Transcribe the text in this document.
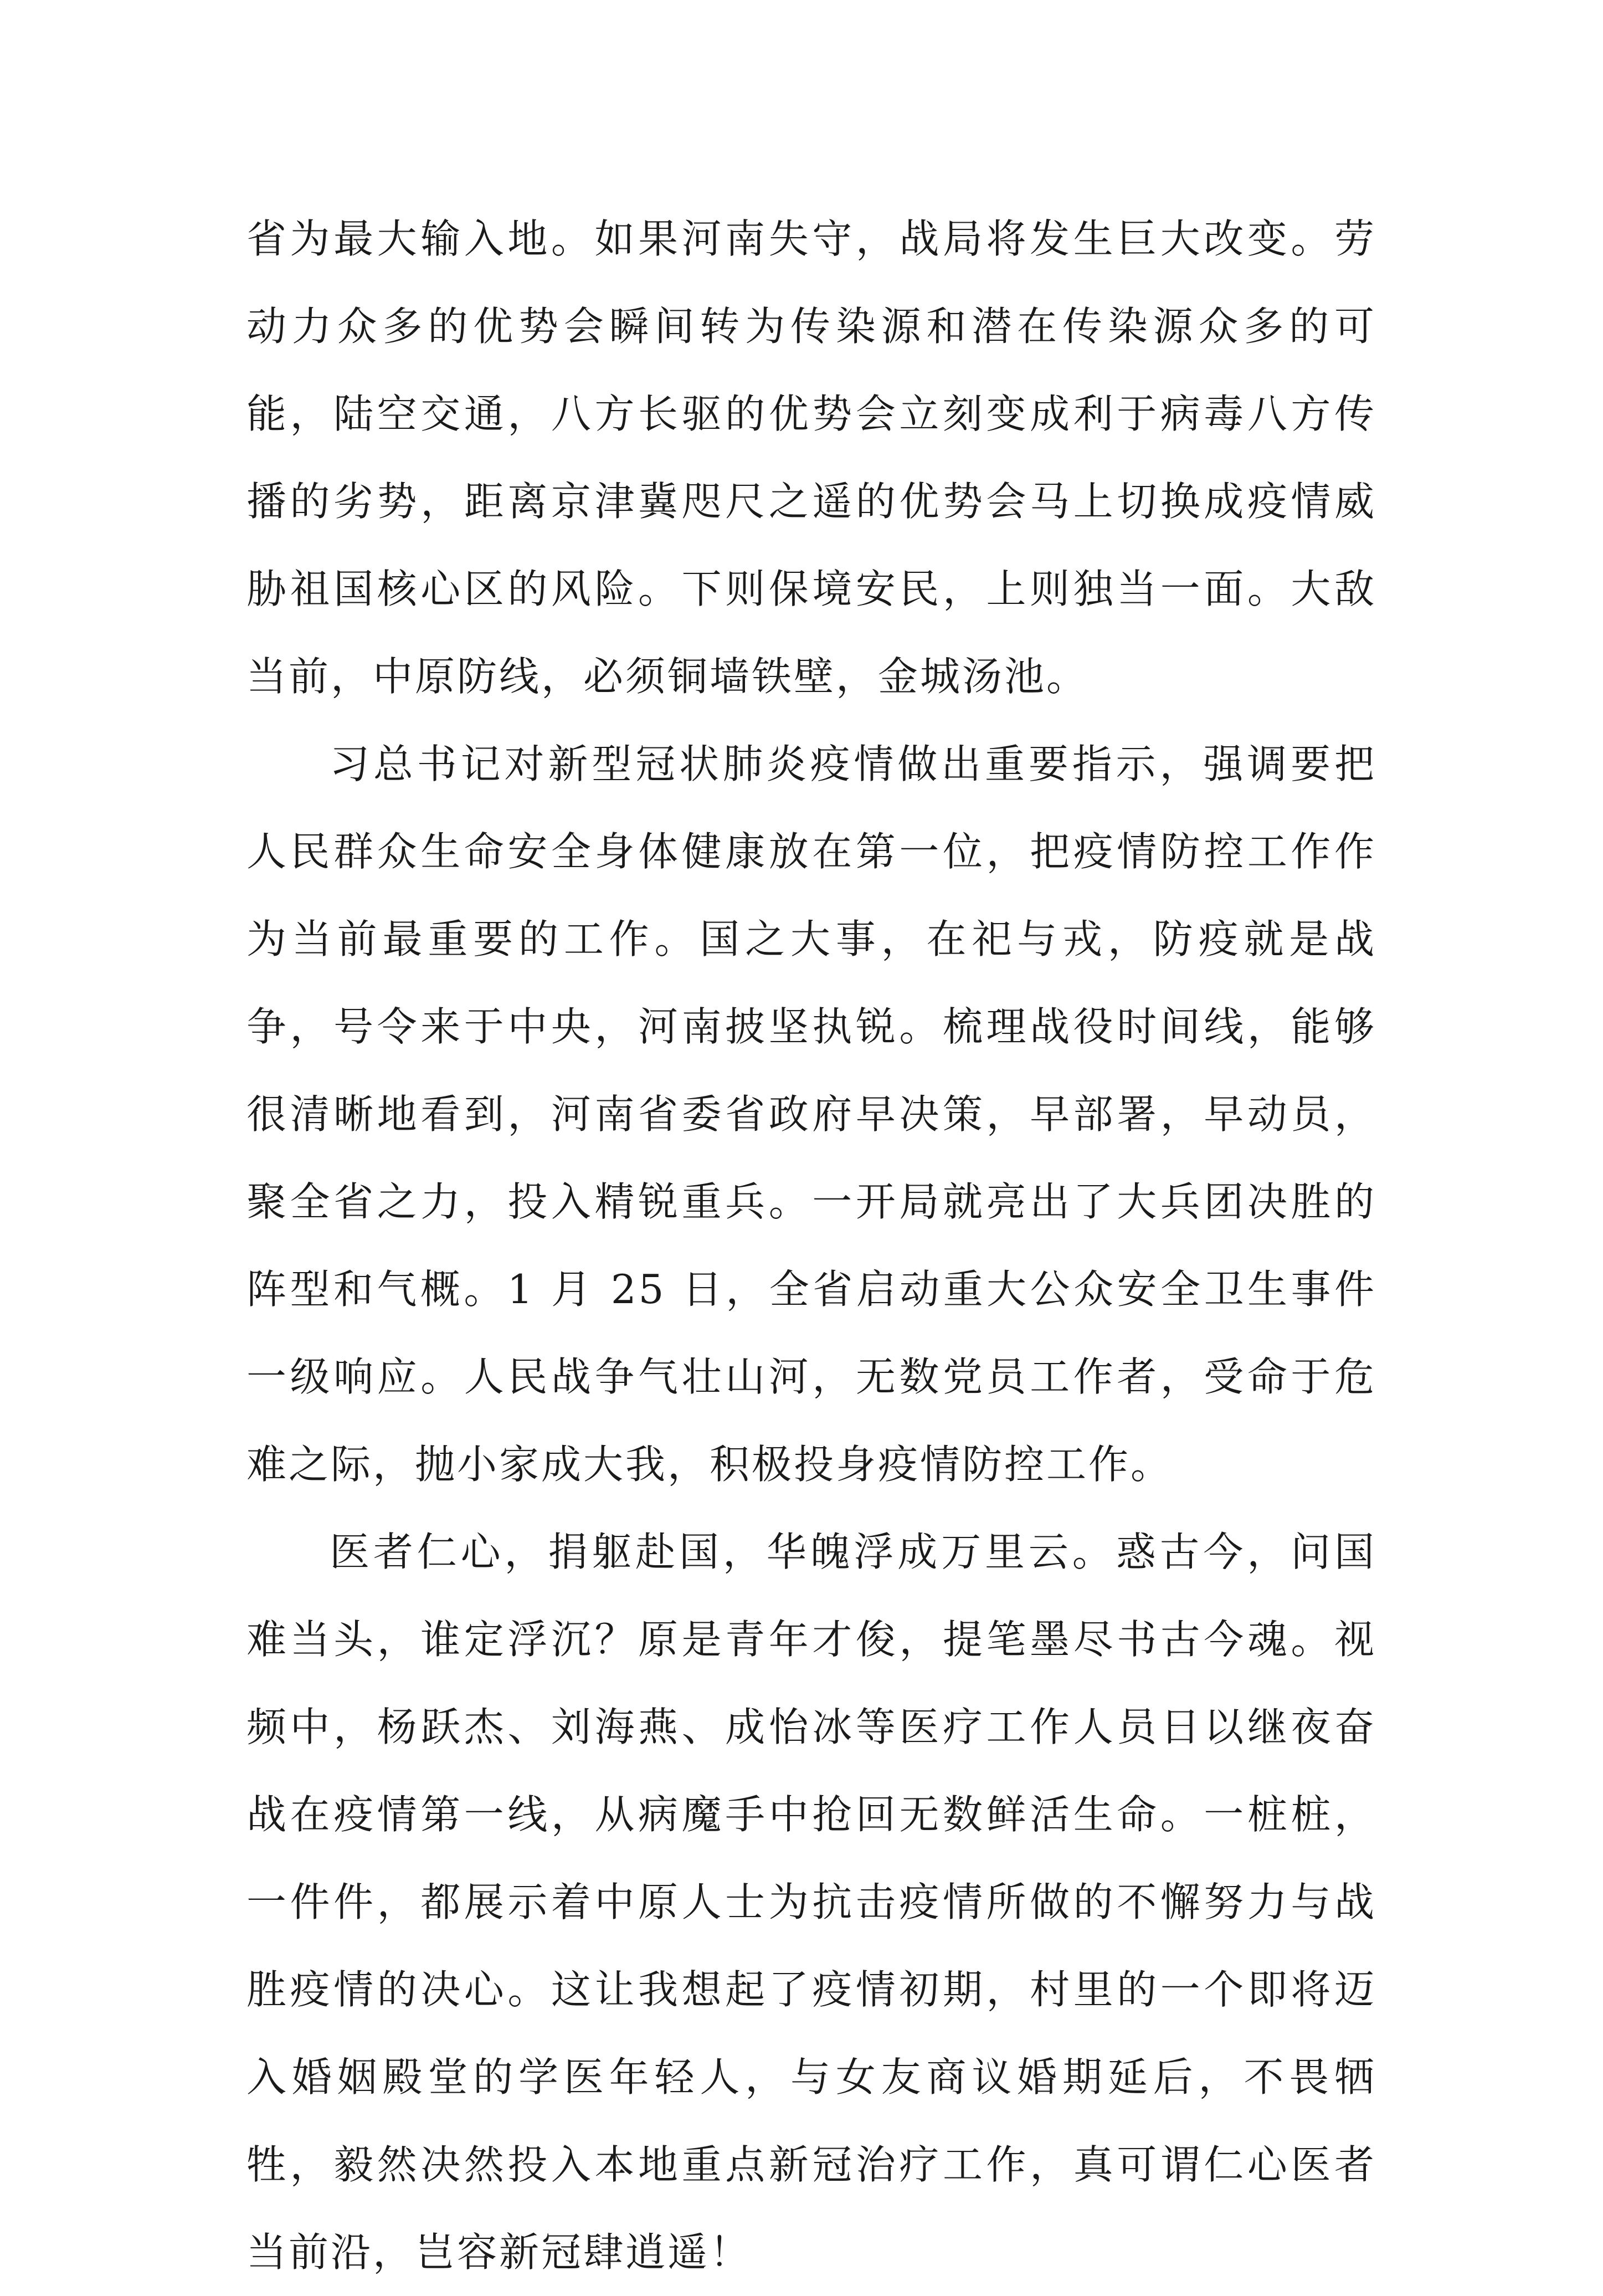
省为最大输入地。如果河南失守，战局将发生巨大改变。劳动力众多的优势会瞬间转为传染源和潜在传染源众多的可能，陆空交通，八方长驱的优势会立刻变成利于病毒八方传播的劣势，距离京津冀咫尺之遥的优势会马上切换成疫情威胁祖国核心区的风险。下则保境安民，上则独当一面。大敌当前，中原防线，必须铜墙铁壁，金城汤池。

习总书记对新型冠状肺炎疫情做出重要指示，强调要把人民群众生命安全身体健康放在第一位，把疫情防控工作作为当前最重要的工作。国之大事，在祀与戎，防疫就是战争，号令来于中央，河南披坚执锐。梳理战役时间线，能够很清晰地看到，河南省委省政府早决策，早部署，早动员，聚全省之力，投入精锐重兵。一开局就亮出了大兵团决胜的阵型和气概。1 月 25 日，全省启动重大公众安全卫生事件一级响应。人民战争气壮山河，无数党员工作者，受命于危难之际，抛小家成大我，积极投身疫情防控工作。

医者仁心，捐躯赴国，华魄浮成万里云。惑古今，问国难当头，谁定浮沉？原是青年才俊，提笔墨尽书古今魂。视频中，杨跃杰、刘海燕、成怡冰等医疗工作人员日以继夜奋战在疫情第一线，从病魔手中抢回无数鲜活生命。一桩桩，一件件，都展示着中原人士为抗击疫情所做的不懈努力与战胜疫情的决心。这让我想起了疫情初期，村里的一个即将迈入婚姻殿堂的学医年轻人，与女友商议婚期延后，不畏牺牲，毅然决然投入本地重点新冠治疗工作，真可谓仁心医者当前沿，岂容新冠肆逍遥！
